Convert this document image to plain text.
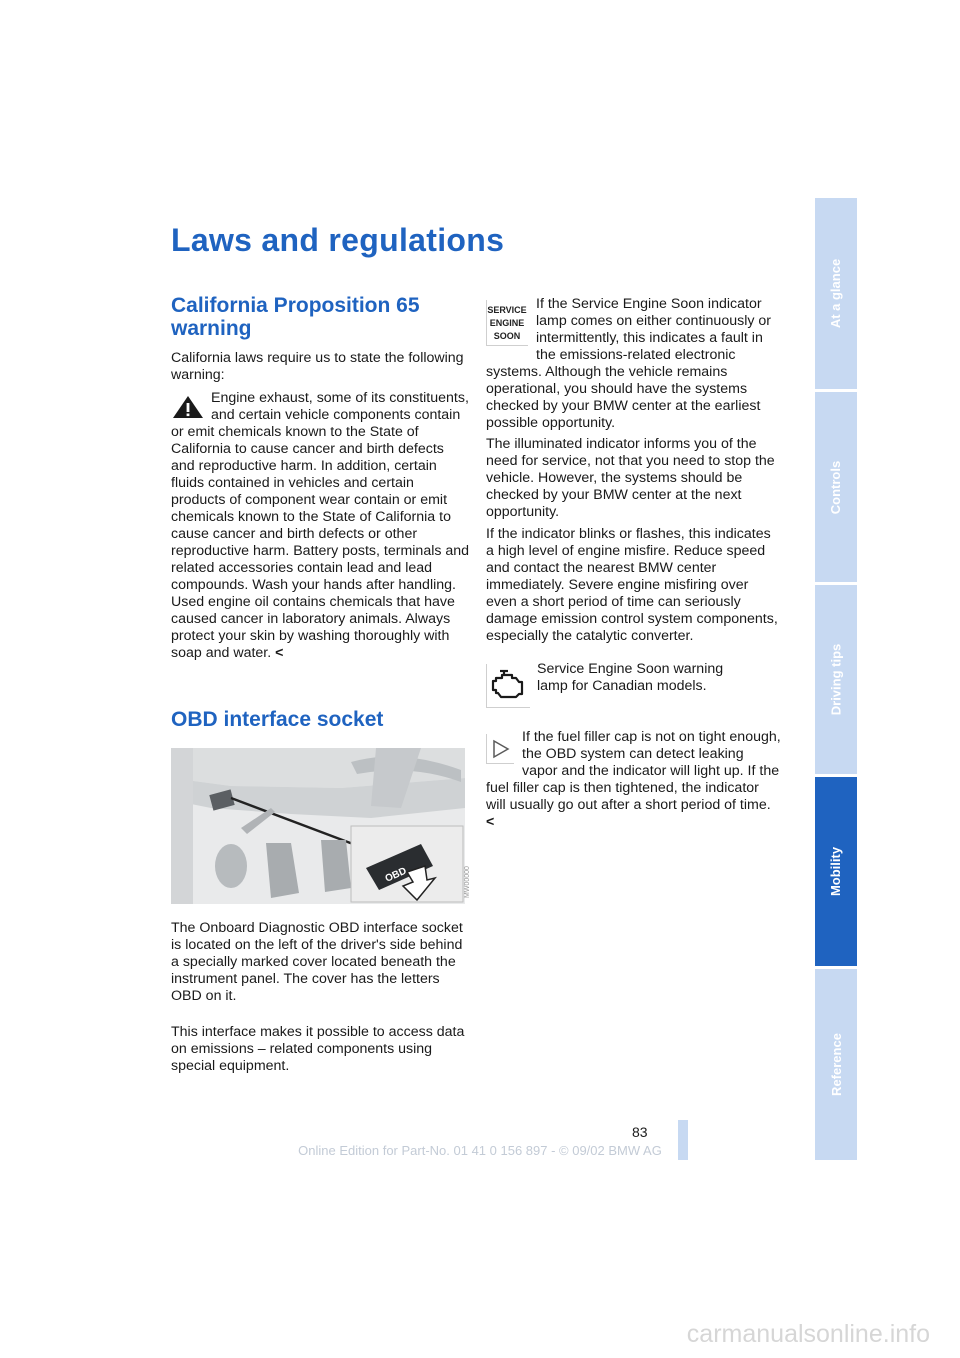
Laws and regulations
California Proposition 65 warning
California laws require us to state the following warning:
Engine exhaust, some of its constituents, and certain vehicle components contain or emit chemicals known to the State of California to cause cancer and birth defects and reproductive harm. In addition, certain fluids contained in vehicles and certain products of component wear contain or emit chemicals known to the State of California to cause cancer and birth defects or other reproductive harm. Battery posts, terminals and related accessories contain lead and lead compounds. Wash your hands after handling. Used engine oil contains chemicals that have caused cancer in laboratory animals. Always protect your skin by washing thoroughly with soap and water. <
OBD interface socket
OBD	MW00000

The Onboard Diagnostic OBD interface socket is located on the left of the driver's side behind a specially marked cover located beneath the instrument panel. The cover has the letters OBD on it.

This interface makes it possible to access data on emissions – related components using special equipment.

SERVICE
ENGINE
SOON
If the Service Engine Soon indicator lamp comes on either continuously or intermittently, this indicates a fault in the emissions-related electronic systems. Although the vehicle remains operational, you should have the systems checked by your BMW center at the earliest possible opportunity.

The illuminated indicator informs you of the need for service, not that you need to stop the vehicle. However, the systems should be checked by your BMW center at the next opportunity.

If the indicator blinks or flashes, this indicates a high level of engine misfire. Reduce speed and contact the nearest BMW center immediately. Severe engine misfiring over even a short period of time can seriously damage emission control system components, especially the catalytic converter.

Service Engine Soon warning lamp for Canadian models.
If the fuel filler cap is not on tight enough, the OBD system can detect leaking vapor and the indicator will light up. If the fuel filler cap is then tightened, the indicator will usually go out after a short period of time. <
At a glance
Controls
Driving tips
Mobility
Reference
83
Online Edition for Part-No. 01 41 0 156 897 - © 09/02 BMW AG
carmanualsonline.info
